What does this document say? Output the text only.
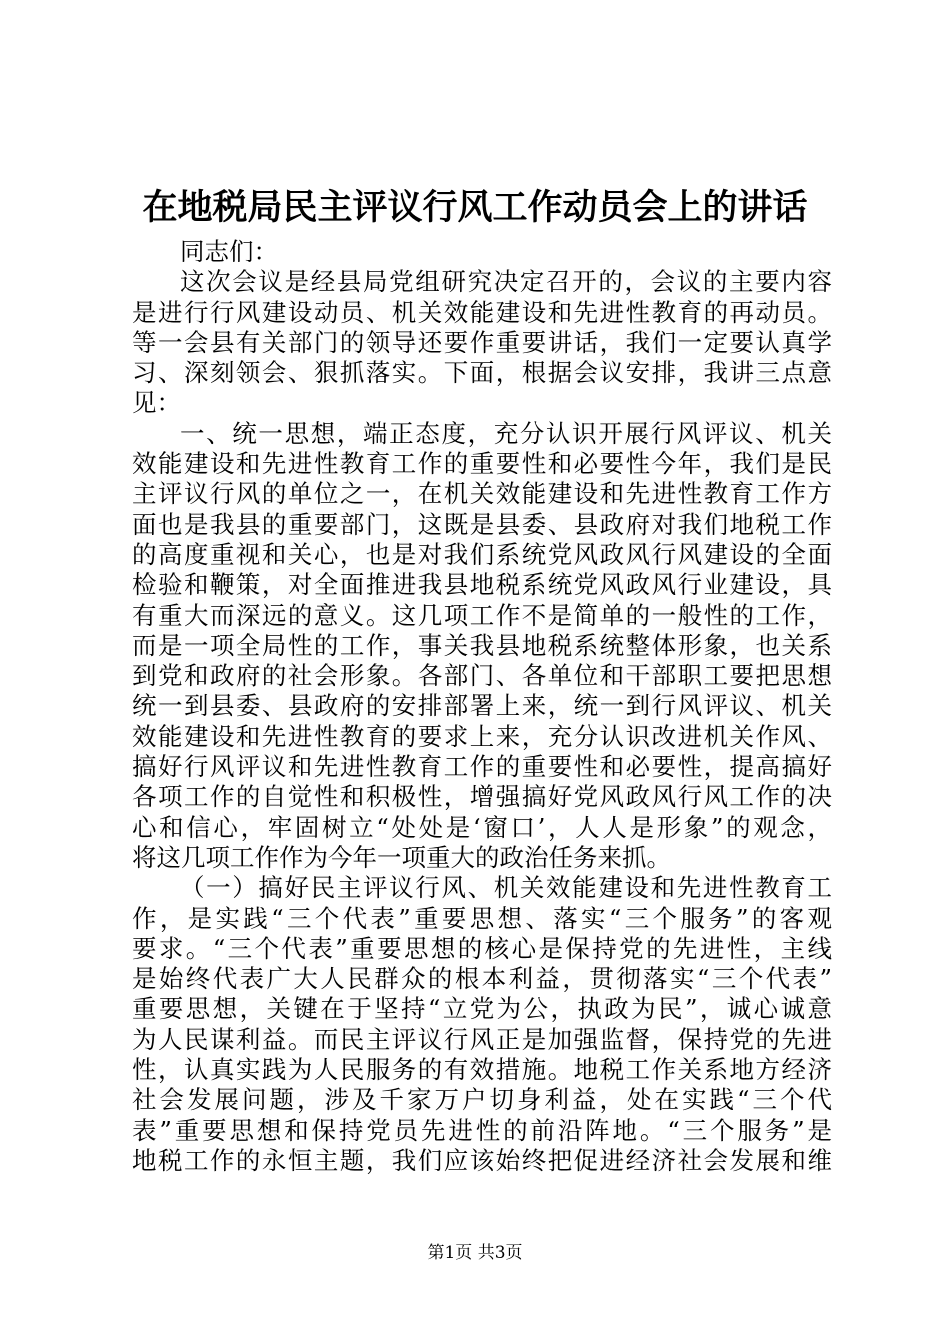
在地税局民主评议行风工作动员会上的讲话
同志们：
这次会议是经县局党组研究决定召开的，会议的主要内容
是进行行风建设动员、机关效能建设和先进性教育的再动员。
等一会县有关部门的领导还要作重要讲话，我们一定要认真学
习、深刻领会、狠抓落实。下面，根据会议安排，我讲三点意
见：
一、统一思想，端正态度，充分认识开展行风评议、机关
效能建设和先进性教育工作的重要性和必要性今年，我们是民
主评议行风的单位之一，在机关效能建设和先进性教育工作方
面也是我县的重要部门，这既是县委、县政府对我们地税工作
的高度重视和关心，也是对我们系统党风政风行风建设的全面
检验和鞭策，对全面推进我县地税系统党风政风行业建设，具
有重大而深远的意义。这几项工作不是简单的一般性的工作，
而是一项全局性的工作，事关我县地税系统整体形象，也关系
到党和政府的社会形象。各部门、各单位和干部职工要把思想
统一到县委、县政府的安排部署上来，统一到行风评议、机关
效能建设和先进性教育的要求上来，充分认识改进机关作风、
搞好行风评议和先进性教育工作的重要性和必要性，提高搞好
各项工作的自觉性和积极性，增强搞好党风政风行风工作的决
心和信心，牢固树立“处处是‘窗口’，人人是形象”的观念，
将这几项工作作为今年一项重大的政治任务来抓。
（一）搞好民主评议行风、机关效能建设和先进性教育工
作，是实践“三个代表”重要思想、落实“三个服务”的客观
要求。“三个代表”重要思想的核心是保持党的先进性，主线
是始终代表广大人民群众的根本利益，贯彻落实“三个代表”
重要思想，关键在于坚持“立党为公，执政为民”，诚心诚意
为人民谋利益。而民主评议行风正是加强监督，保持党的先进
性，认真实践为人民服务的有效措施。地税工作关系地方经济
社会发展问题，涉及千家万户切身利益，处在实践“三个代
表”重要思想和保持党员先进性的前沿阵地。“三个服务”是
地税工作的永恒主题，我们应该始终把促进经济社会发展和维
第1页 共3页
